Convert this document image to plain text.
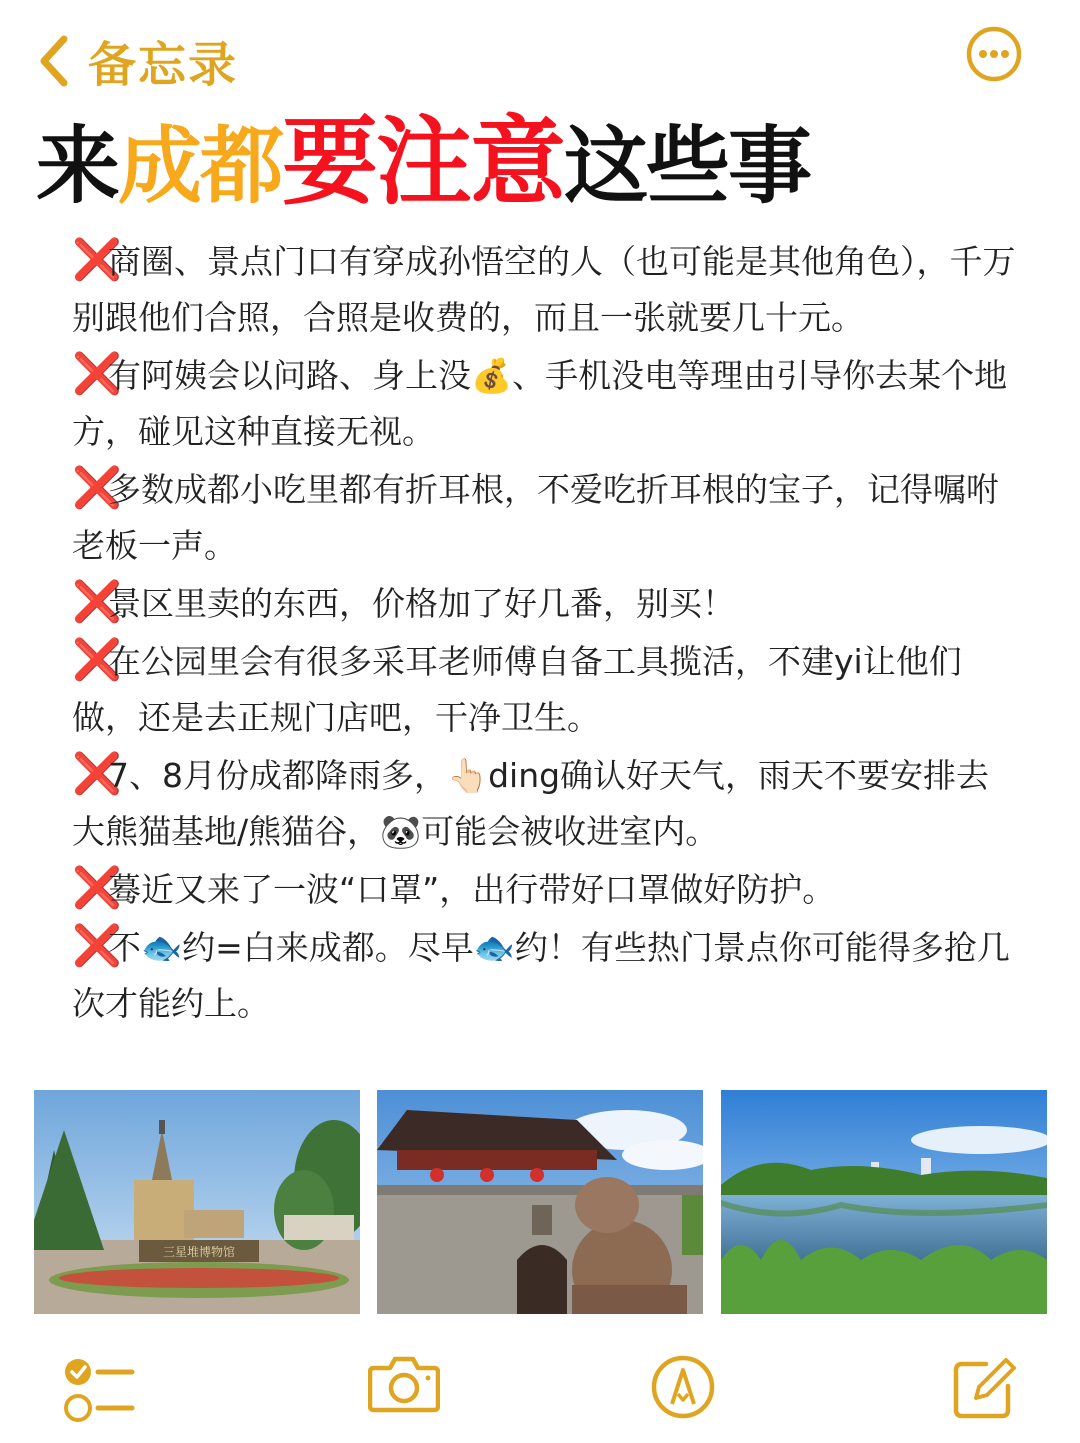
备忘录
来成都要注意这些事

❌商圈、景点门口有穿成孙悟空的人（也可能是其他角色），千万别跟他们合照，合照是收费的，而且一张就要几十元。

❌有阿姨会以问路、身上没💰、手机没电等理由引导你去某个地方，碰见这种直接无视。

❌多数成都小吃里都有折耳根，不爱吃折耳根的宝子，记得嘱咐老板一声。

❌景区里卖的东西，价格加了好几番，别买！

❌在公园里会有很多采耳老师傅自备工具揽活，不建yi让他们做，还是去正规门店吧，干净卫生。

❌7、8月份成都降雨多，👆🏻ding确认好天气，雨天不要安排去大熊猫基地/熊猫谷，🐼可能会被收进室内。

❌蓦近又来了一波“口罩”，出行带好口罩做好防护。

❌不🐟约=白来成都。尽早🐟约！有些热门景点你可能得多抢几次才能约上。

三星堆博物馆
